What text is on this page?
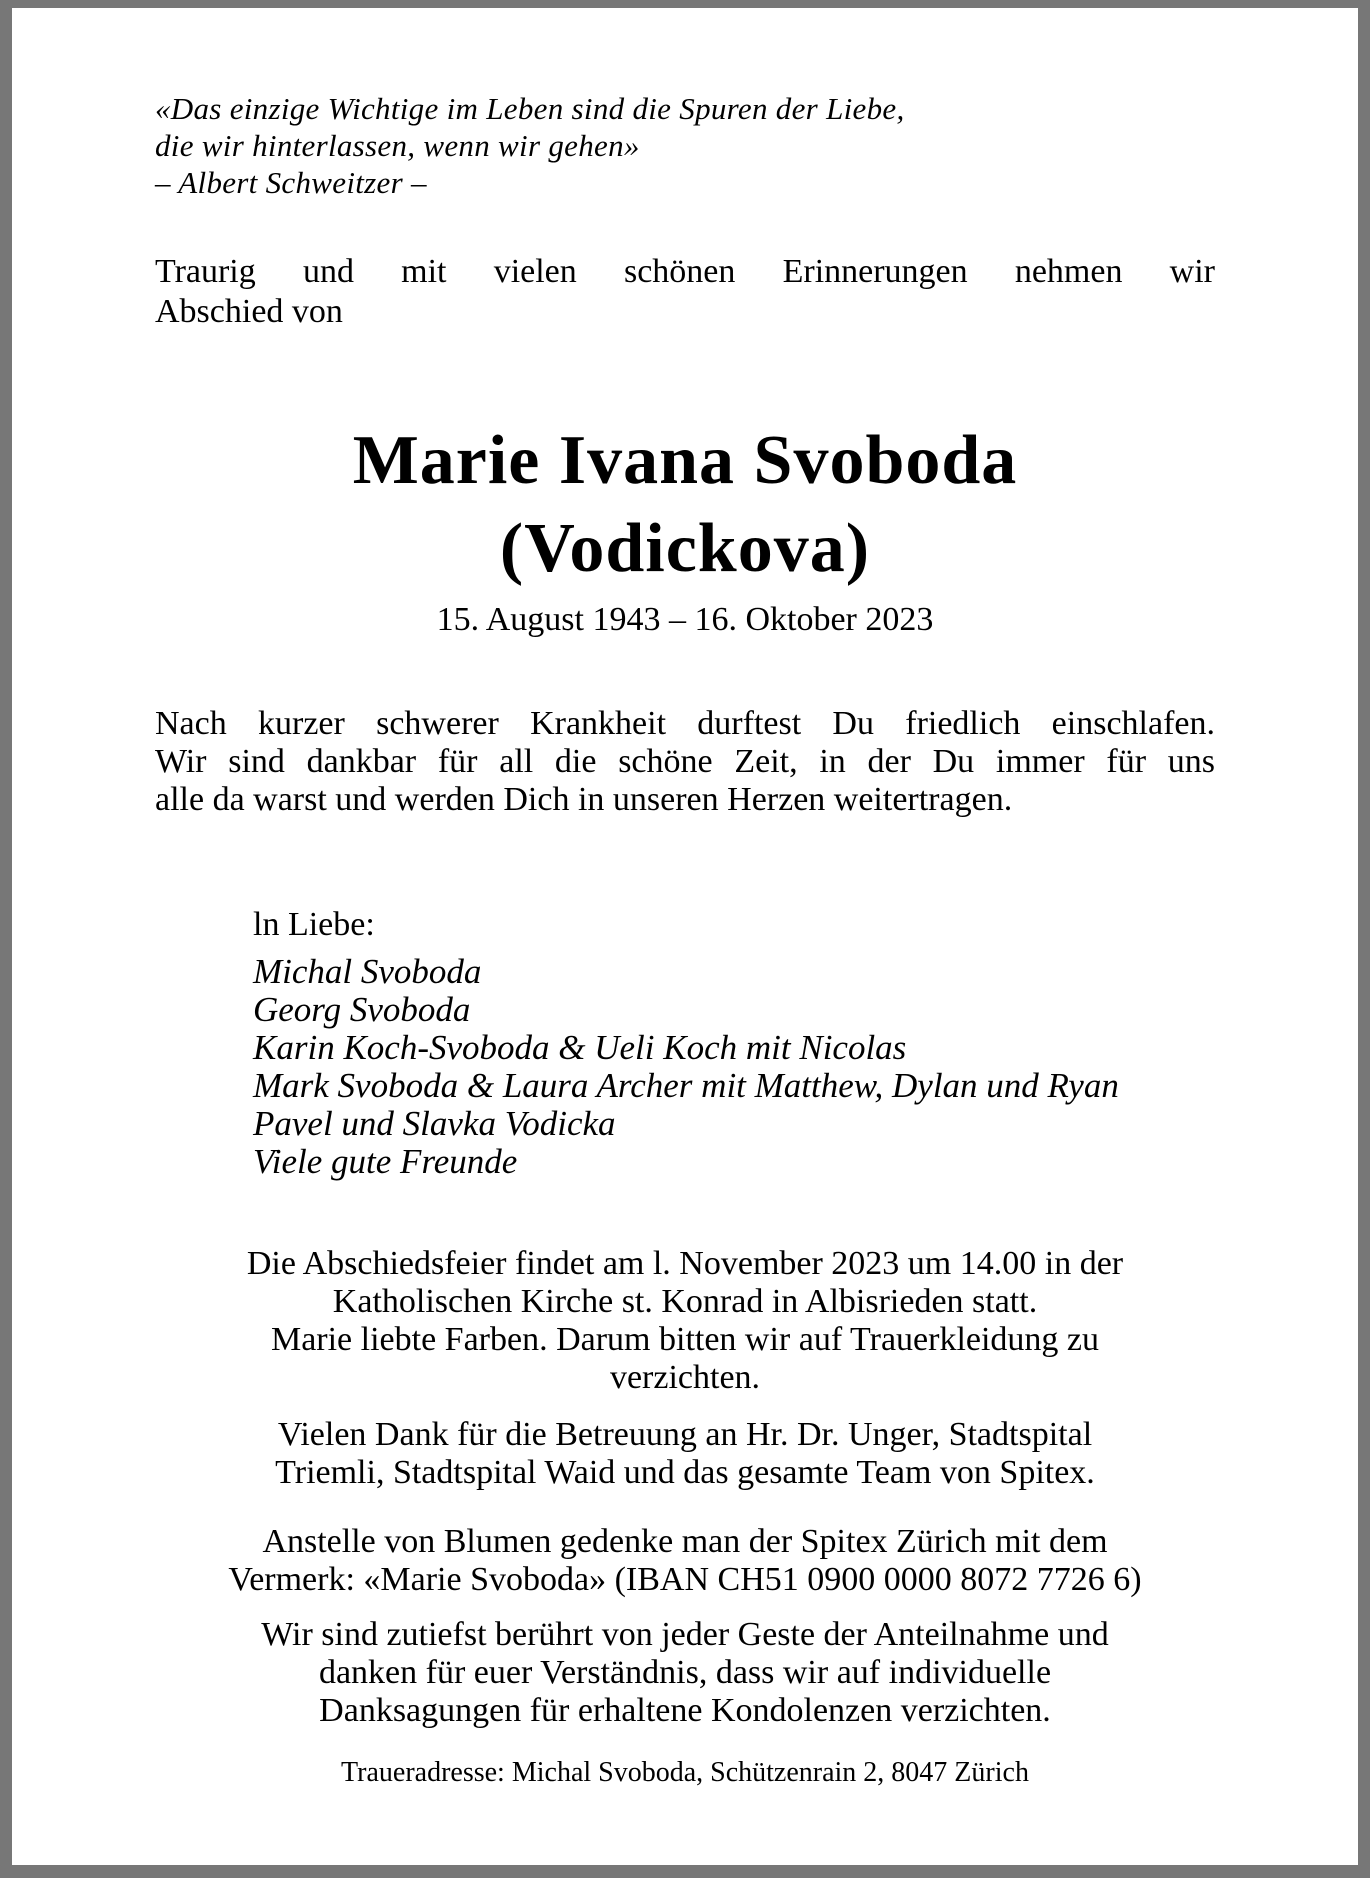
«Das einzige Wichtige im Leben sind die Spuren der Liebe,
die wir hinterlassen, wenn wir gehen»
– Albert Schweitzer –
Traurig und mit vielen schönen Erinnerungen nehmen wir
Abschied von
Marie Ivana Svoboda
(Vodickova)
15. August 1943 – 16. Oktober 2023
Nach kurzer schwerer Krankheit durftest Du friedlich einschlafen.
Wir sind dankbar für all die schöne Zeit, in der Du immer für uns
alle da warst und werden Dich in unseren Herzen weitertragen.
ln Liebe:
Michal Svoboda
Georg Svoboda
Karin Koch-Svoboda & Ueli Koch mit Nicolas
Mark Svoboda & Laura Archer mit Matthew, Dylan und Ryan
Pavel und Slavka Vodicka
Viele gute Freunde
Die Abschiedsfeier findet am l. November 2023 um 14.00 in der
Katholischen Kirche st. Konrad in Albisrieden statt.
Marie liebte Farben. Darum bitten wir auf Trauerkleidung zu
verzichten.
Vielen Dank für die Betreuung an Hr. Dr. Unger, Stadtspital
Triemli, Stadtspital Waid und das gesamte Team von Spitex.
Anstelle von Blumen gedenke man der Spitex Zürich mit dem
Vermerk: «Marie Svoboda» (IBAN CH51 0900 0000 8072 7726 6)
Wir sind zutiefst berührt von jeder Geste der Anteilnahme und
danken für euer Verständnis, dass wir auf individuelle
Danksagungen für erhaltene Kondolenzen verzichten.
Traueradresse: Michal Svoboda, Schützenrain 2, 8047 Zürich
